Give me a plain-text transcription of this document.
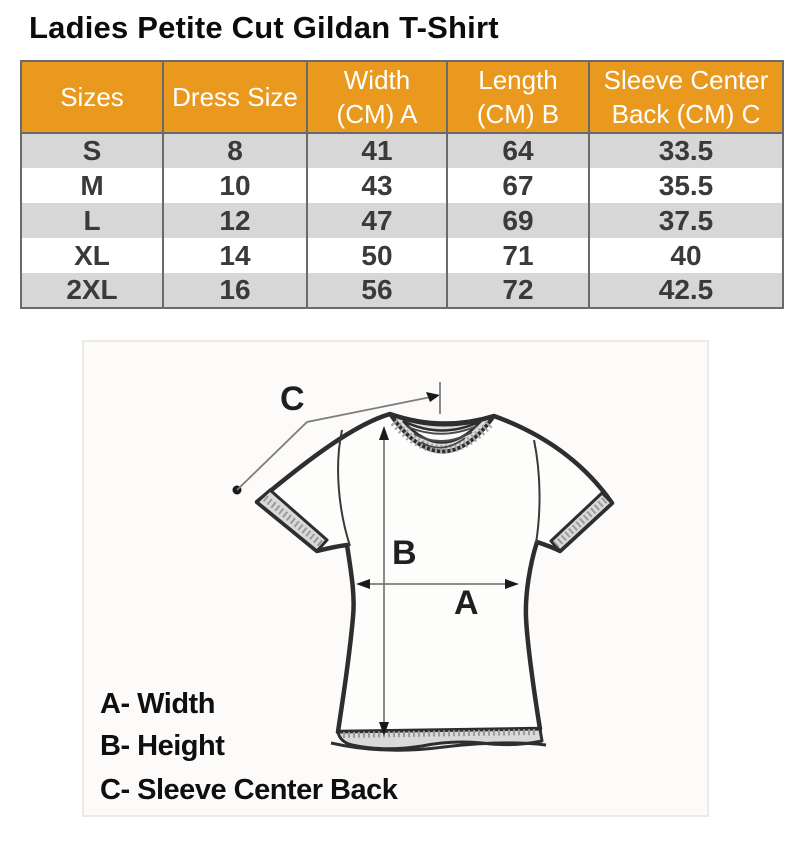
Ladies Petite Cut Gildan T-Shirt
Sizes	Dress Size	Width (CM) A	Length (CM) B	Sleeve Center Back (CM) C
S	8	41	64	33.5
M	10	43	67	35.5
L	12	47	69	37.5
XL	14	50	71	40
2XL	16	56	72	42.5
C
B
A
A- Width
B- Height
C- Sleeve Center Back
